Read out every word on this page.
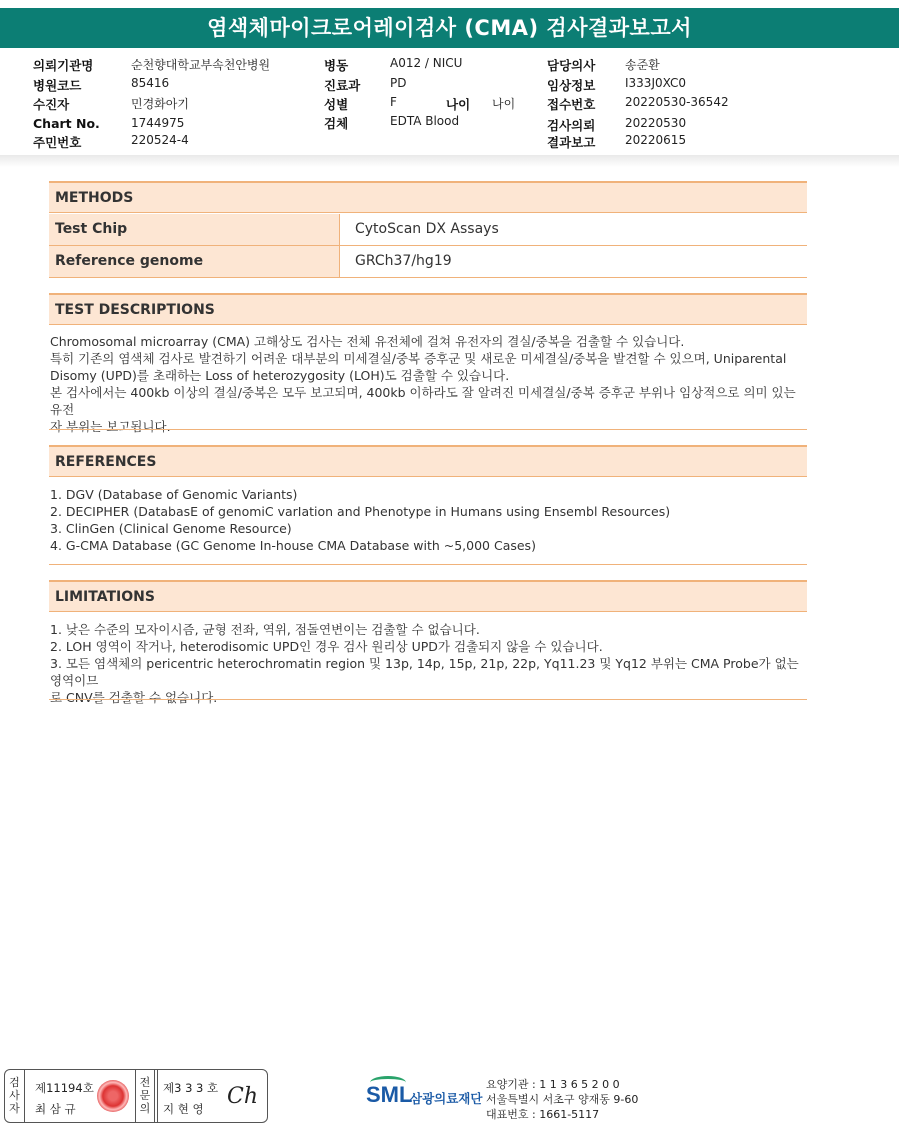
염색체마이크로어레이검사 (CMA) 검사결과보고서
의뢰기관명	순천향대학교부속천안병원
병원코드	85416
수진자	민경화아기
Chart No.	1744975
주민번호	220524-4
병동	A012 / NICU
진료과 PD
성별	F	나이 나이
검체	EDTA Blood
담당의사 송준환
임상정보 I333J0XC0
접수번호 20220530-36542
검사의뢰 20220530
결과보고 20220615
METHODS
Test Chip	CytoScan DX Assays
Reference genome	GRCh37/hg19
TEST DESCRIPTIONS
Chromosomal microarray (CMA) 고해상도 검사는 전체 유전체에 걸쳐 유전자의 결실/중복을 검출할 수 있습니다.
특히 기존의 염색체 검사로 발견하기 어려운 대부분의 미세결실/중복 증후군 및 새로운 미세결실/중복을 발견할 수 있으며, Uniparental
Disomy (UPD)를 초래하는 Loss of heterozygosity (LOH)도 검출할 수 있습니다.
본 검사에서는 400kb 이상의 결실/중복은 모두 보고되며, 400kb 이하라도 잘 알려진 미세결실/중복 증후군 부위나 임상적으로 의미 있는 유전
자 부위는 보고됩니다.
REFERENCES
1. DGV (Database of Genomic Variants)
2. DECIPHER (DatabasE of genomiC varIation and Phenotype in Humans using Ensembl Resources)
3. ClinGen (Clinical Genome Resource)
4. G-CMA Database (GC Genome In-house CMA Database with ~5,000 Cases)
LIMITATIONS
1. 낮은 수준의 모자이시즘, 균형 전좌, 역위, 점돌연변이는 검출할 수 없습니다.
2. LOH 영역이 작거나, heterodisomic UPD인 경우 검사 원리상 UPD가 검출되지 않을 수 있습니다.
3. 모든 염색체의 pericentric heterochromatin region 및 13p, 14p, 15p, 21p, 22p, Yq11.23 및 Yq12 부위는 CMA Probe가 없는 영역이므
로 CNV를 검출할 수 없습니다.
검사자
제11194호
최 삼 규
전문의
제3 3 3 호
지 현 영 Ch	SML
삼광의료재단
요양기관 : 1 1 3 6 5 2 0 0
서울특별시 서초구 양재동 9-60
대표번호 : 1661-5117
